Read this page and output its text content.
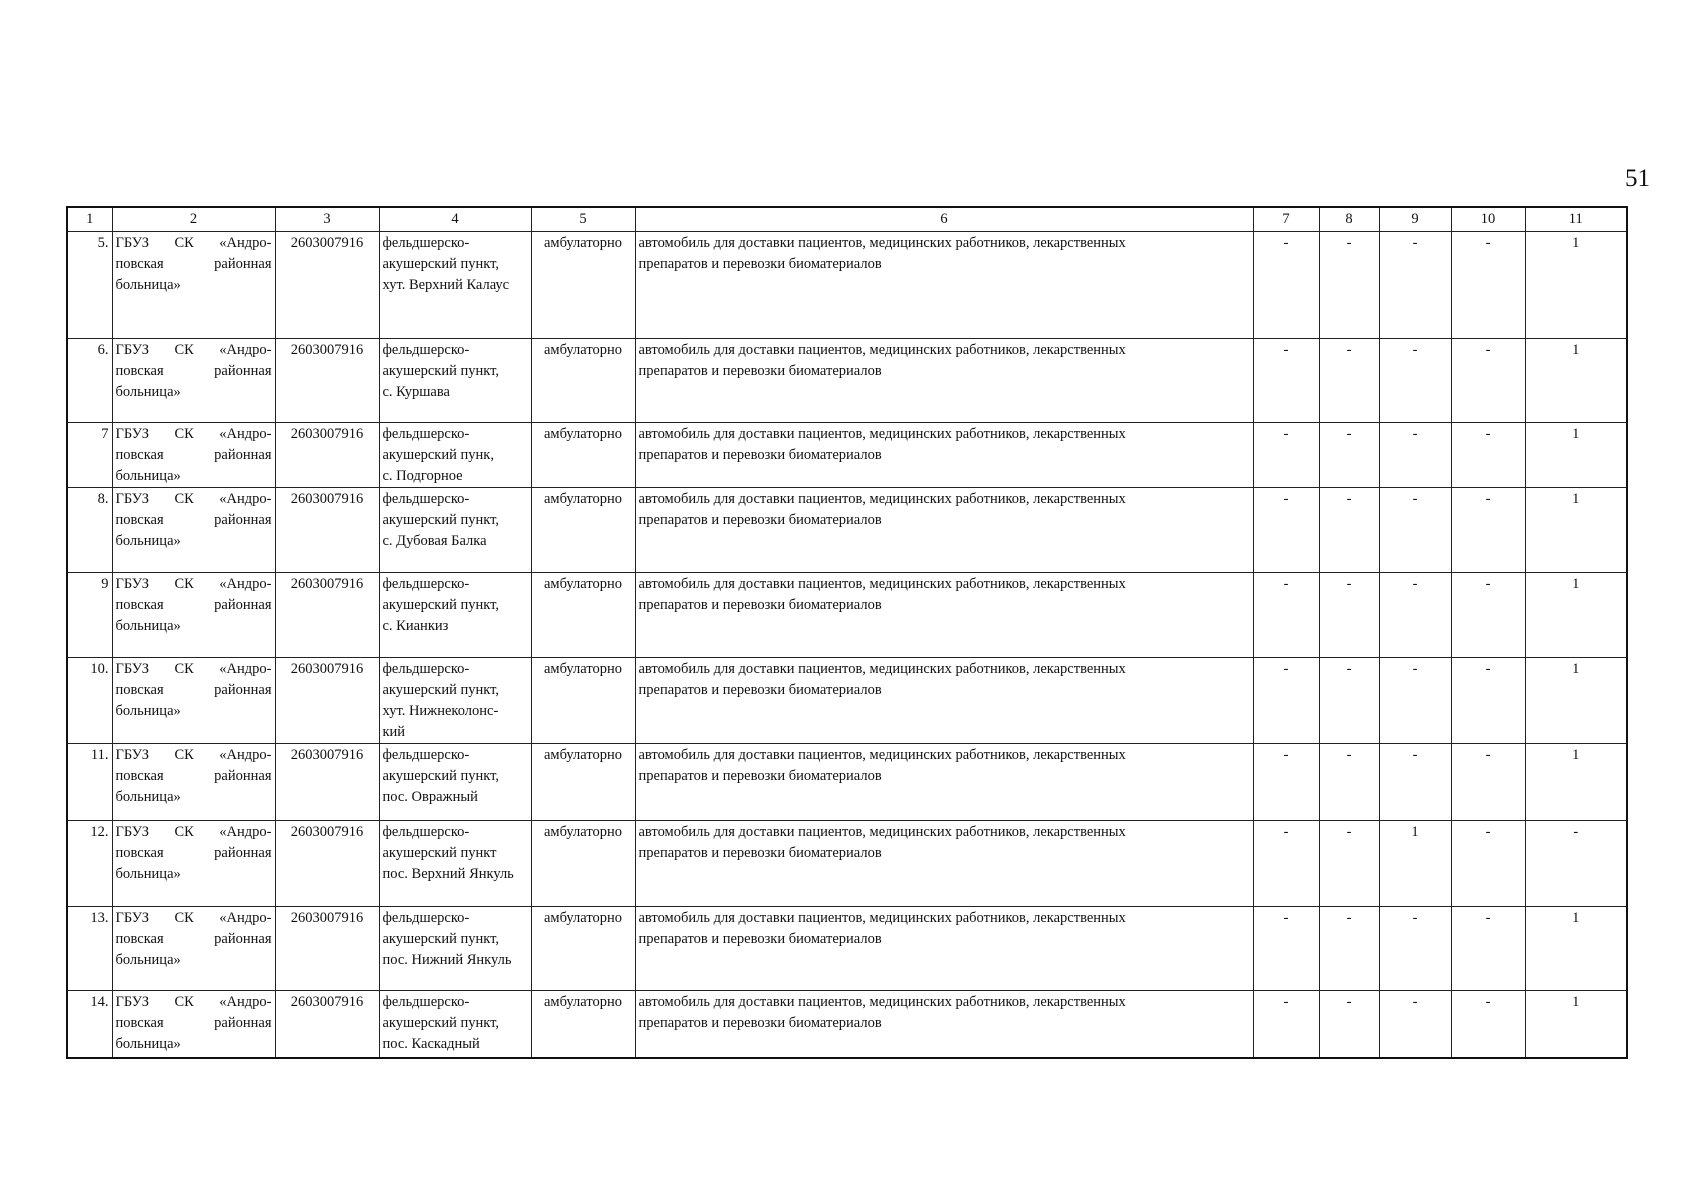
51
1	2	3	4	5	6	7	8	9	10	11
5.	ГБУЗ СК «Андро-
повская районная
больница»	2603007916	фельдшерско-
акушерский пункт,
хут. Верхний Калаус	амбулаторно	автомобиль для доставки пациентов, медицинских работников, лекарственных
препаратов и перевозки биоматериалов	-	-	-	-	1
6.	ГБУЗ СК «Андро-
повская районная
больница»	2603007916	фельдшерско-
акушерский пункт,
с. Куршава	амбулаторно	автомобиль для доставки пациентов, медицинских работников, лекарственных
препаратов и перевозки биоматериалов	-	-	-	-	1
7	ГБУЗ СК «Андро-
повская районная
больница»	2603007916	фельдшерско-
акушерский пунк,
с. Подгорное	амбулаторно	автомобиль для доставки пациентов, медицинских работников, лекарственных
препаратов и перевозки биоматериалов	-	-	-	-	1
8.	ГБУЗ СК «Андро-
повская районная
больница»	2603007916	фельдшерско-
акушерский пункт,
с. Дубовая Балка	амбулаторно	автомобиль для доставки пациентов, медицинских работников, лекарственных
препаратов и перевозки биоматериалов	-	-	-	-	1
9	ГБУЗ СК «Андро-
повская районная
больница»	2603007916	фельдшерско-
акушерский пункт,
с. Кианкиз	амбулаторно	автомобиль для доставки пациентов, медицинских работников, лекарственных
препаратов и перевозки биоматериалов	-	-	-	-	1
10.	ГБУЗ СК «Андро-
повская районная
больница»	2603007916	фельдшерско-
акушерский пункт,
хут. Нижнеколонс-
кий	амбулаторно	автомобиль для доставки пациентов, медицинских работников, лекарственных
препаратов и перевозки биоматериалов	-	-	-	-	1
11.	ГБУЗ СК «Андро-
повская районная
больница»	2603007916	фельдшерско-
акушерский пункт,
пос. Овражный	амбулаторно	автомобиль для доставки пациентов, медицинских работников, лекарственных
препаратов и перевозки биоматериалов	-	-	-	-	1
12.	ГБУЗ СК «Андро-
повская районная
больница»	2603007916	фельдшерско-
акушерский пункт
пос. Верхний Янкуль	амбулаторно	автомобиль для доставки пациентов, медицинских работников, лекарственных
препаратов и перевозки биоматериалов	-	-	1	-	-
13.	ГБУЗ СК «Андро-
повская районная
больница»	2603007916	фельдшерско-
акушерский пункт,
пос. Нижний Янкуль	амбулаторно	автомобиль для доставки пациентов, медицинских работников, лекарственных
препаратов и перевозки биоматериалов	-	-	-	-	1
14.	ГБУЗ СК «Андро-
повская районная
больница»	2603007916	фельдшерско-
акушерский пункт,
пос. Каскадный	амбулаторно	автомобиль для доставки пациентов, медицинских работников, лекарственных
препаратов и перевозки биоматериалов	-	-	-	-	1
